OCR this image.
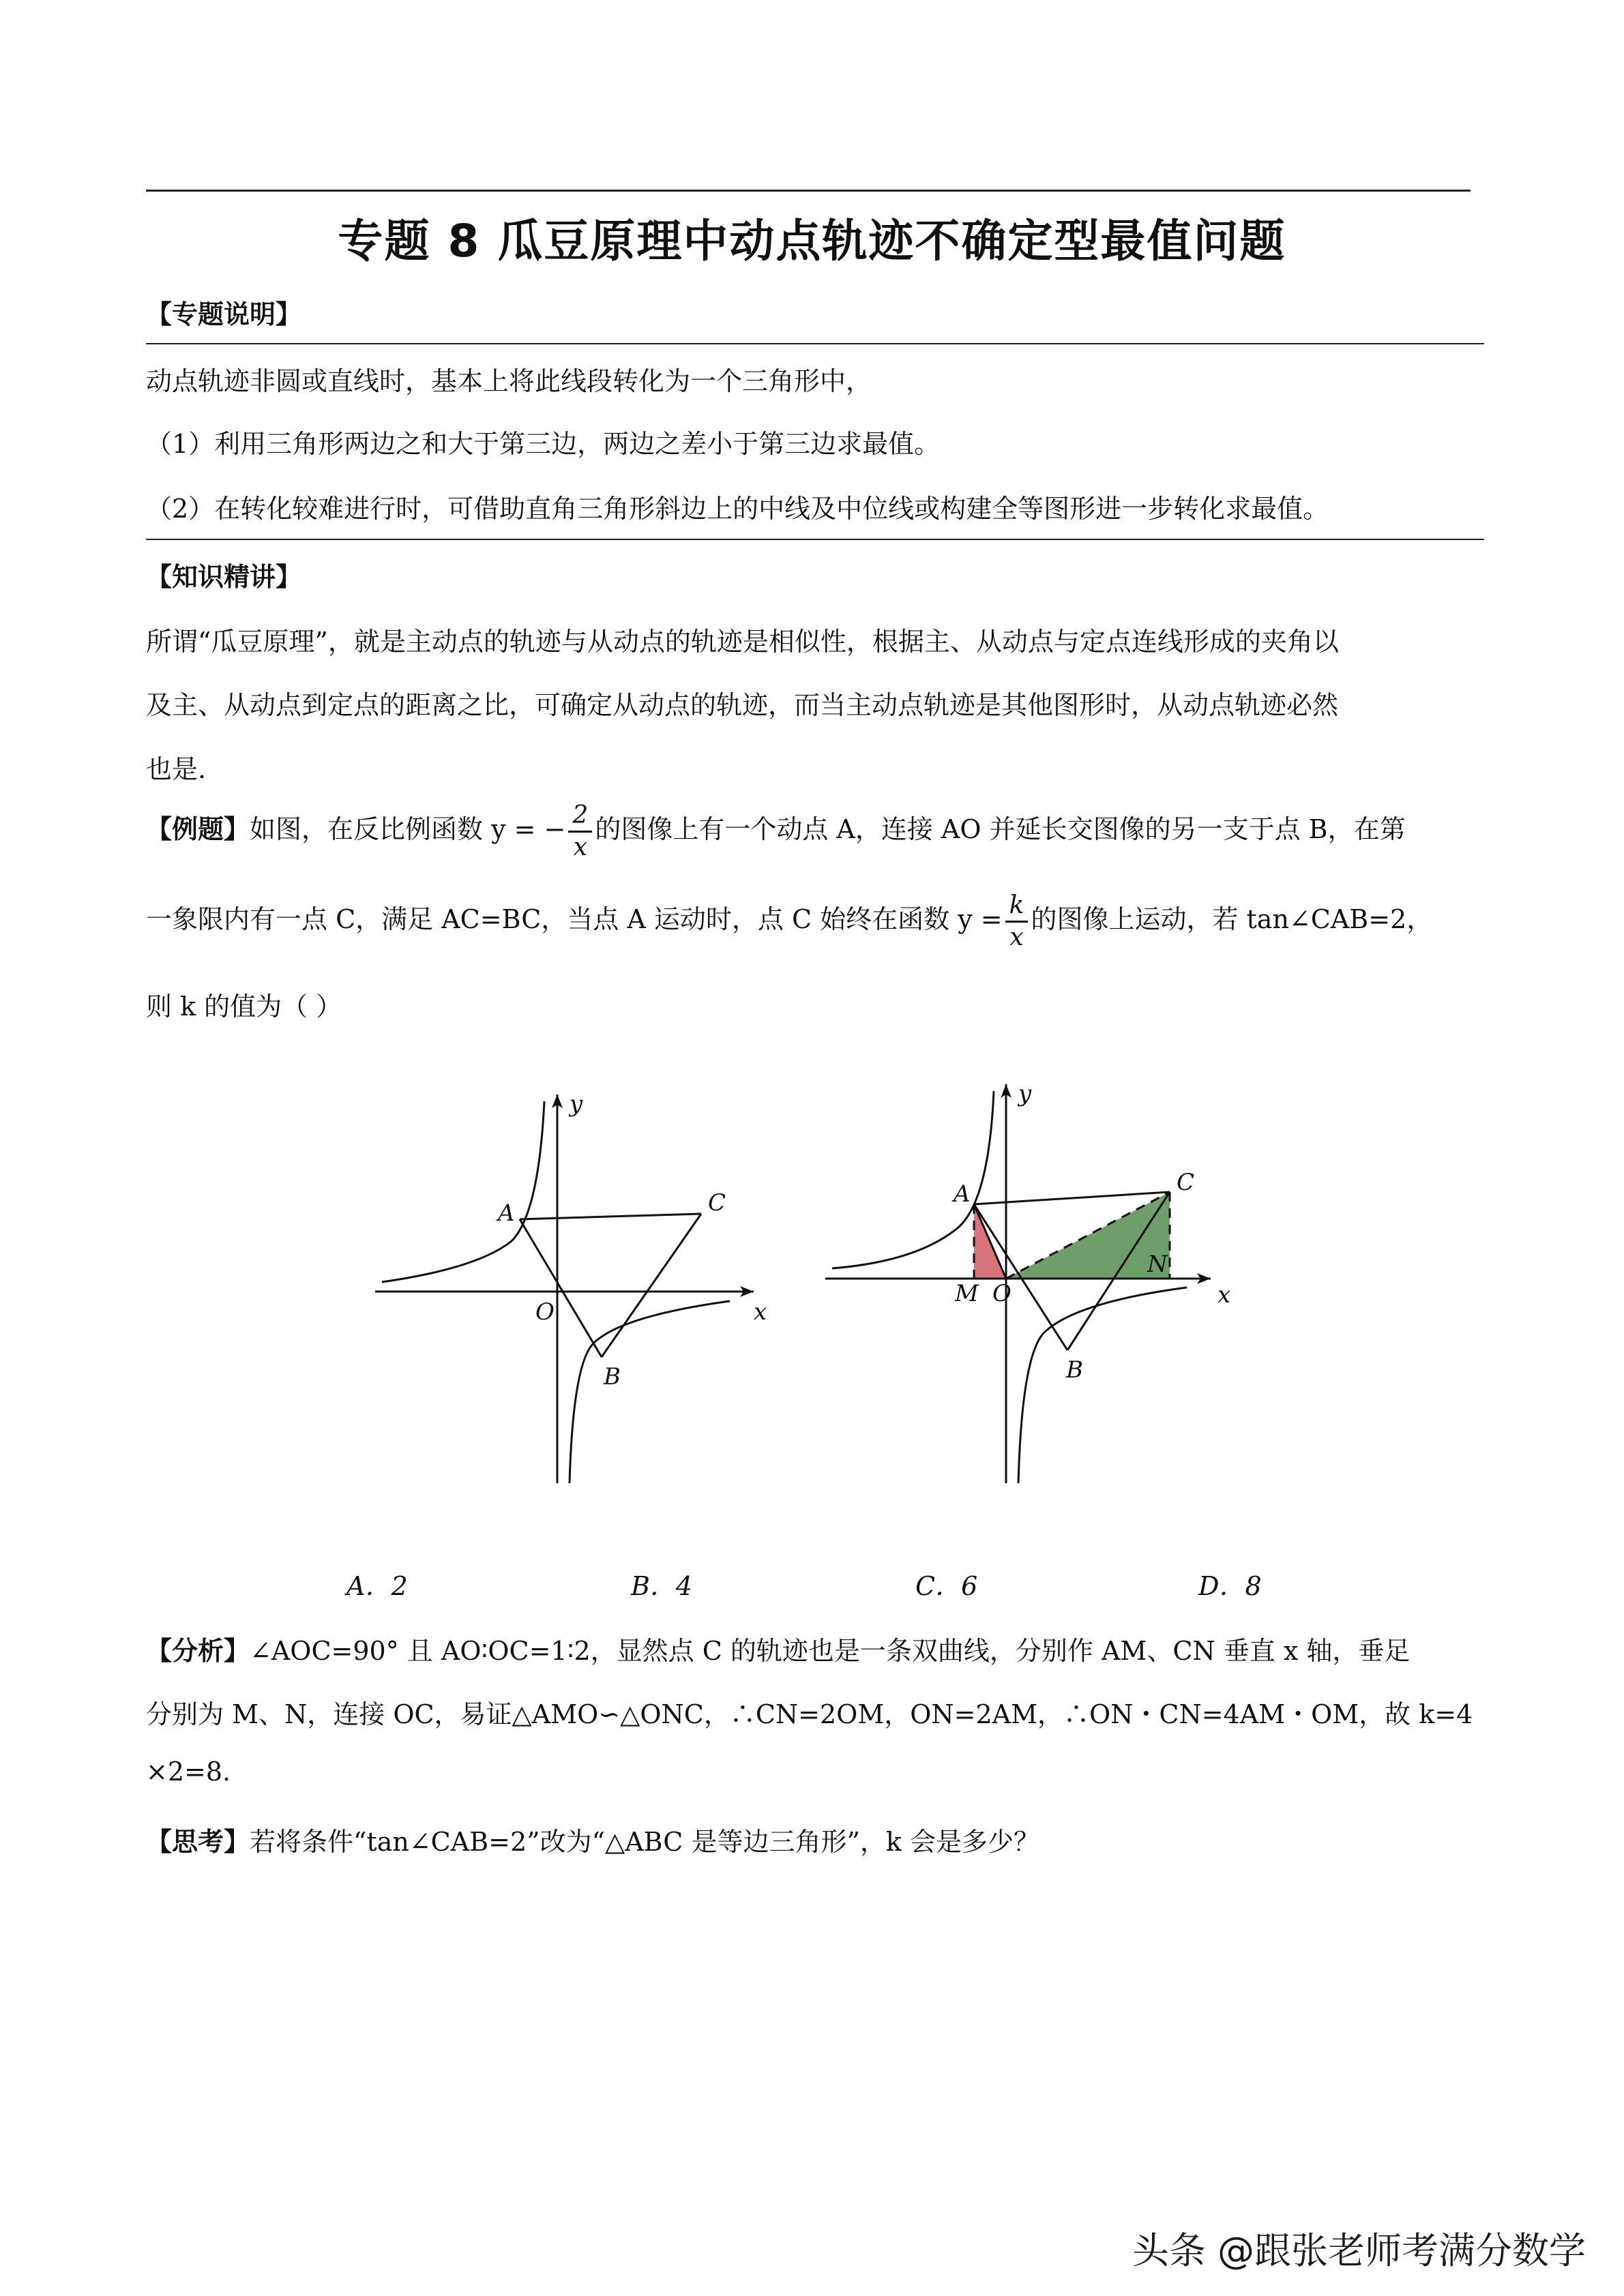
专题 8 瓜豆原理中动点轨迹不确定型最值问题
【专题说明】
动点轨迹非圆或直线时，基本上将此线段转化为一个三角形中，
（1）利用三角形两边之和大于第三边，两边之差小于第三边求最值。
（2）在转化较难进行时，可借助直角三角形斜边上的中线及中位线或构建全等图形进一步转化求最值。
【知识精讲】
所谓“瓜豆原理”，就是主动点的轨迹与从动点的轨迹是相似性，根据主、从动点与定点连线形成的夹角以
及主、从动点到定点的距离之比，可确定从动点的轨迹，而当主动点轨迹是其他图形时，从动点轨迹必然
也是.
【例题】如图，在反比例函数 y = − $\frac{2}{x}$ 的图像上有一个动点 A，连接 AO 并延长交图像的另一支于点 B，在第
一象限内有一点 C，满足 AC=BC，当点 A 运动时，点 C 始终在函数 $y = \frac{k}{x}$ 的图像上运动，若 tan∠CAB=2，
则 k 的值为（ ）
y
x
O
A
B
C
y
x
O
M
N
A
B
C
A．2	B．4	C．6	D．8
【分析】∠AOC=90° 且 AO∶OC=1∶2，显然点 C 的轨迹也是一条双曲线，分别作 AM、CN 垂直 x 轴，垂足
分别为 M、N，连接 OC，易证△AMO∽△ONC，∴CN=2OM，ON=2AM，∴ON・CN=4AM・OM，故 k=4
×2=8.
【思考】若将条件“tan∠CAB=2”改为“△ABC 是等边三角形”，k 会是多少？
头条 @跟张老师考满分数学
